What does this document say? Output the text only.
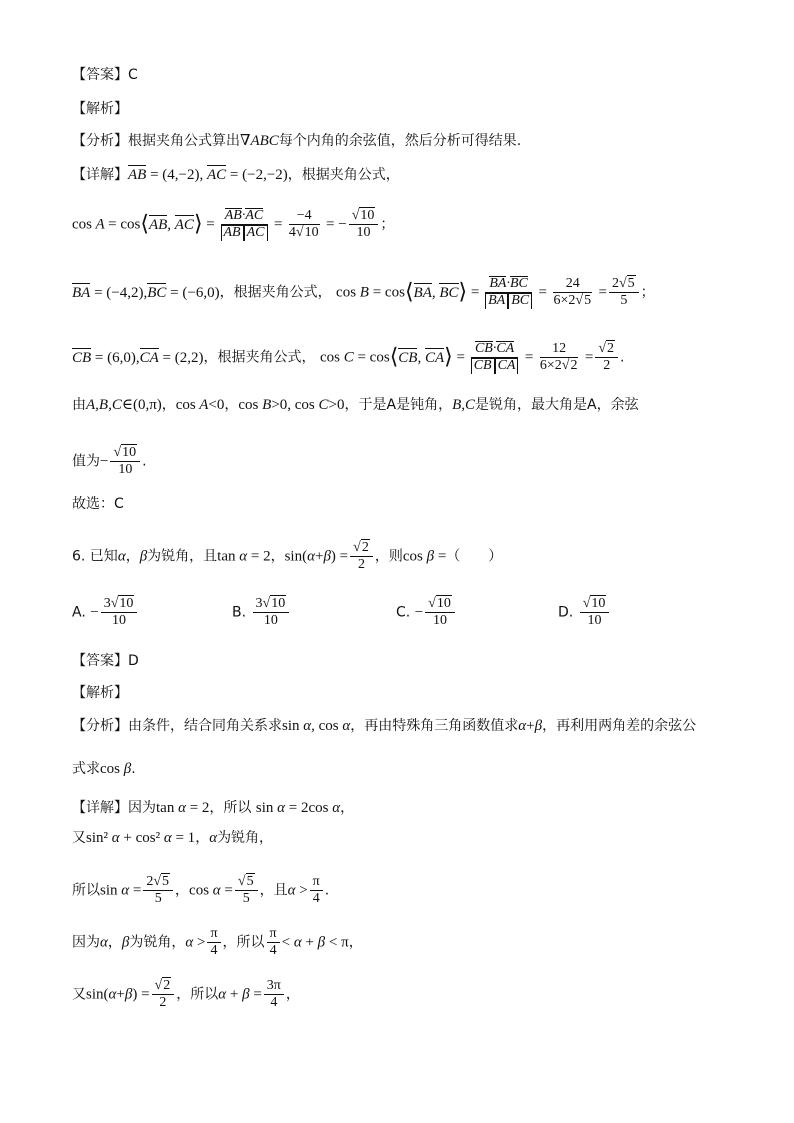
【答案】C
【解析】
【分析】根据夹角公式算出∇ABC每个内角的余弦值，然后分析可得结果.
【详解】AB = (4,−2), AC = (−2,−2)，根据夹角公式，
cos A = cos⟨AB, AC⟩ = $\frac{AB\cdot AC}{\text{AB AC}} = \frac{-4}{4√10}$ = − $\frac{√10}{10}$ ；
BA = (−4,2),BC = (−6,0)，根据夹角公式， cos B = cos⟨BA, BC⟩ = $\frac{BA\cdot BC}{\text{BA BC}} = \frac{24}{6\times 2√5} = \frac{2√5}{5}$ ；
CB = (6,0),CA = (2,2)，根据夹角公式， cos C = cos⟨CB, CA⟩ = $\frac{CB\cdot CA}{\text{CB CA}} = \frac{12}{6\times 2√2} = \frac{√2}{2}$ .
由A,B,C∈(0,π)，cos A<0，cos B>0, cos C>0，于是A是钝角，B,C是锐角，最大角是A，余弦
值为− $\frac{√10}{10}$ .
故选：C
6. 已知α，β为锐角，且tan α = 2，$\sin(\alpha+\beta) = \frac{√2}{2}$ ，则cos β =（　　）
A. − $\frac{3√10}{10}$	B. $\frac{3√10}{10}$	C. − $\frac{√10}{10}$	D. $\frac{√10}{10}$
【答案】D
【解析】
【分析】由条件，结合同角关系求sin α, cos α，再由特殊角三角函数值求α+β，再利用两角差的余弦公
式求cos β.
【详解】因为tan α = 2，所以 sin α = 2cos α，
又sin² α + cos² α = 1，α为锐角，
所以$\sin \alpha = \frac{2√5}{5}$ ，$\cos \alpha = \frac{√5}{5}$ ，且$\alpha > \frac{\pi}{4}$ .
因为α，β为锐角，$\alpha > \frac{\pi}{4}$ ，所以 $\frac{\pi}{4} < \alpha + \beta < \pi$，
又$\sin(\alpha+\beta) = \frac{√2}{2}$ ，所以$\alpha + \beta = \frac{3\pi}{4}$ ，
